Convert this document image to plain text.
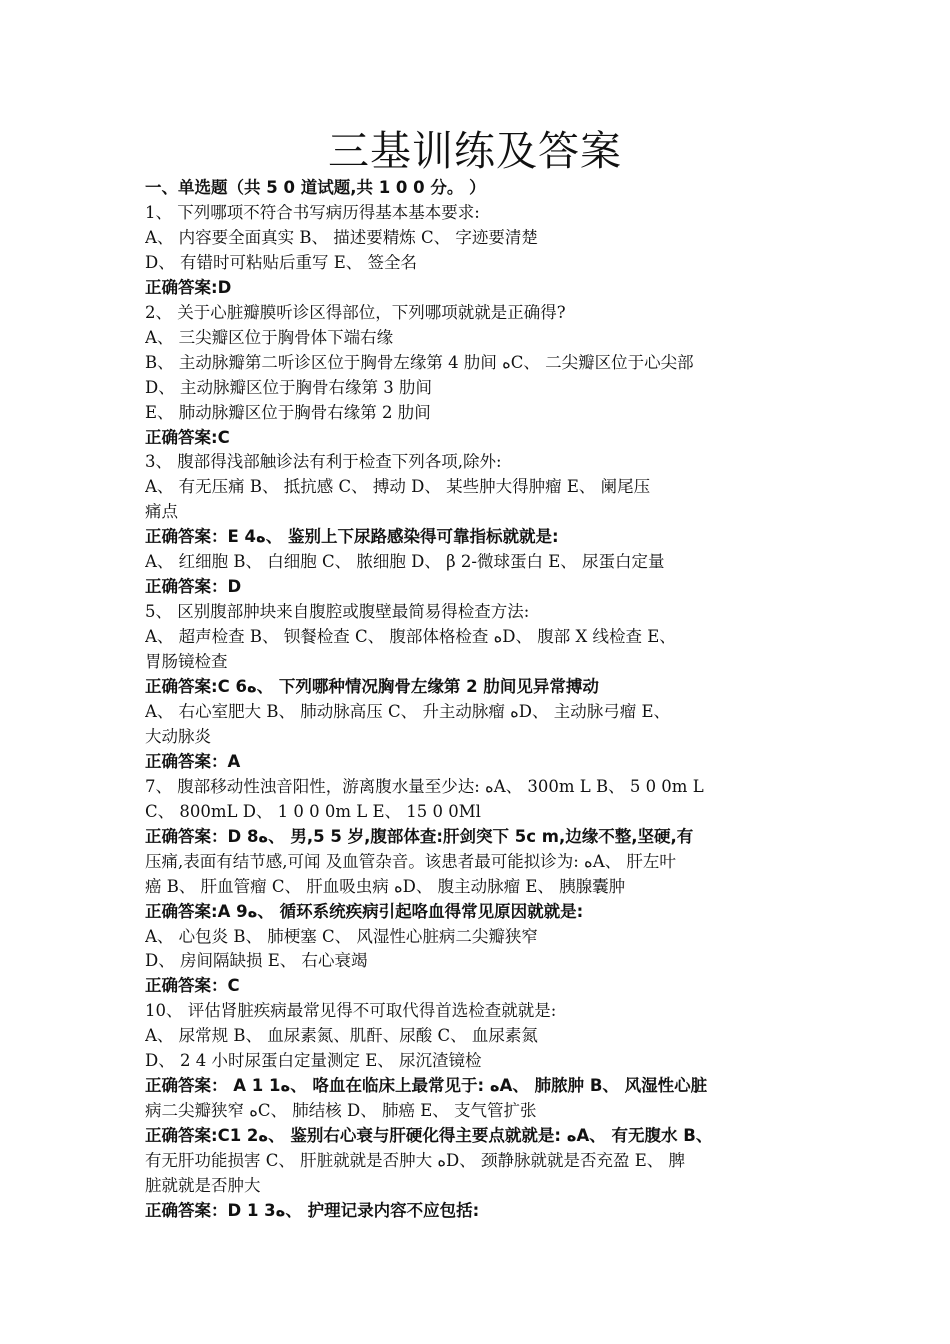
三基训练及答案
一、单选题（共 5 0 道试题,共 1 0 0 分。 ）
1、 下列哪项不符合书写病历得基本基本要求:
A、 内容要全面真实 B、 描述要精炼 C、 字迹要清楚
D、 有错时可粘贴后重写 E、 签全名
正确答案:D
2、 关于心脏瓣膜听诊区得部位，下列哪项就就是正确得?
A、 三尖瓣区位于胸骨体下端右缘
B、 主动脉瓣第二听诊区位于胸骨左缘第 4 肋间 ﻩC、 二尖瓣区位于心尖部
D、 主动脉瓣区位于胸骨右缘第 3 肋间
E、 肺动脉瓣区位于胸骨右缘第 2 肋间
正确答案:C
3、 腹部得浅部触诊法有利于检查下列各项,除外:
A、 有无压痛 B、 抵抗感 C、 搏动 D、 某些肿大得肿瘤 E、 阑尾压
痛点
正确答案：E 4ﻩ、 鉴别上下尿路感染得可靠指标就就是:
A、 红细胞 B、 白细胞 C、 脓细胞 D、 β 2-微球蛋白 E、 尿蛋白定量
正确答案：D
5、 区别腹部肿块来自腹腔或腹壁最简易得检查方法:
A、 超声检查 B、 钡餐检查 C、 腹部体格检查 ﻩD、 腹部 X 线检查 E、
胃肠镜检查
正确答案:C 6ﻩ、 下列哪种情况胸骨左缘第 2 肋间见异常搏动
A、 右心室肥大 B、 肺动脉高压 C、 升主动脉瘤 ﻩD、 主动脉弓瘤 E、
大动脉炎
正确答案：A
7、 腹部移动性浊音阳性，游离腹水量至少达: ﻩA、 300m L B、 5 0 0m L
C、 800mL D、 1 0 0 0m L E、 15 0 0Ml
正确答案：D 8ﻩ、 男,5 5 岁,腹部体查:肝剑突下 5c m,边缘不整,坚硬,有
压痛,表面有结节感,可闻 及血管杂音。该患者最可能拟诊为: ﻩA、 肝左叶
癌 B、 肝血管瘤 C、 肝血吸虫病 ﻩD、 腹主动脉瘤 E、 胰腺囊肿
正确答案:A 9ﻩ、 循环系统疾病引起咯血得常见原因就就是:
A、 心包炎 B、 肺梗塞 C、 风湿性心脏病二尖瓣狭窄
D、 房间隔缺损 E、 右心衰竭
正确答案：C
10、 评估肾脏疾病最常见得不可取代得首选检查就就是:
A、 尿常规 B、 血尿素氮、肌酐、尿酸 C、 血尿素氮
D、 2 4 小时尿蛋白定量测定 E、 尿沉渣镜检
正确答案： A 1 1ﻩ、 咯血在临床上最常见于: ﻩA、 肺脓肿 B、 风湿性心脏
病二尖瓣狭窄 ﻩC、 肺结核 D、 肺癌 E、 支气管扩张
正确答案:C1 2ﻩ、 鉴别右心衰与肝硬化得主要点就就是: ﻩA、 有无腹水 B、
有无肝功能损害 C、 肝脏就就是否肿大 ﻩD、 颈静脉就就是否充盈 E、 脾
脏就就是否肿大
正确答案：D 1 3ﻩ、 护理记录内容不应包括:
